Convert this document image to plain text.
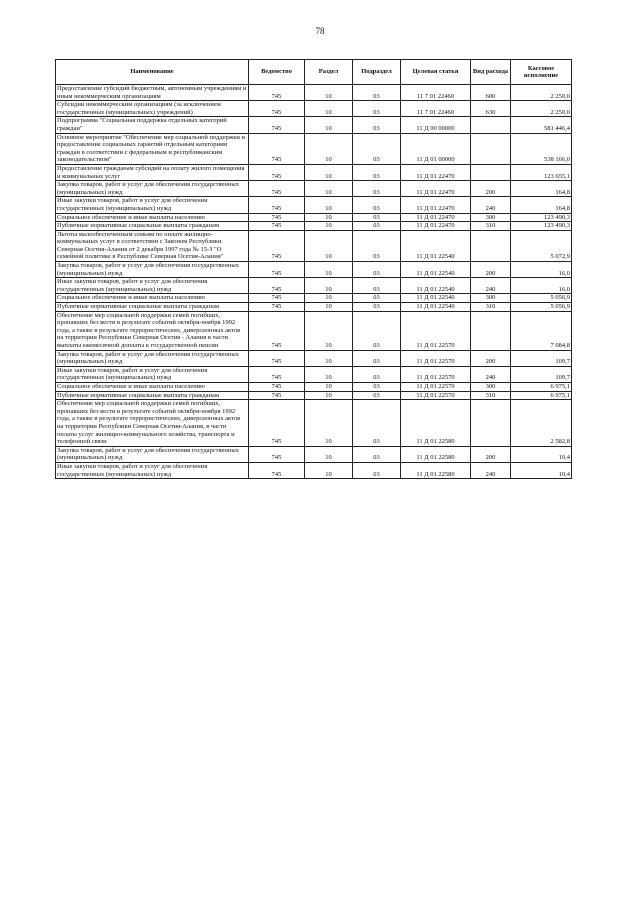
78
Наименование	Ведомство	Раздел	Подраздел	Целевая статья	Вид расхода	Кассовое исполнение
Предоставление субсидий бюджетным, автономным учреждениям и иным некоммерческим организациям	745	10	03	11 7 01 22460	600	2 250,0
Субсидии некоммерческим организациям (за исключением государственных (муниципальных) учреждений)	745	10	03	11 7 01 22460	630	2 250,0
Подпрограмма "Социальная поддержка отдельных категорий граждан"	745	10	03	11 Д 00 00000		581 446,4
Основное мероприятие "Обеспечение мер социальной поддержки и предоставление социальных гарантий отдельным категориям граждан в соответствии с федеральным и республиканским законодательством"	745	10	03	11 Д 01 00000		538 166,0
Предоставление гражданам субсидий на оплату жилого помещения и коммунальных услуг	745	10	03	11 Д 01 22470		123 655,1
Закупка товаров, работ и услуг для обеспечения государственных (муниципальных) нужд	745	10	03	11 Д 01 22470	200	164,8
Иные закупки товаров, работ и услуг для обеспечения государственных (муниципальных) нужд	745	10	03	11 Д 01 22470	240	164,8
Социальное обеспечение и иные выплаты населению	745	10	03	11 Д 01 22470	300	123 490,3
Публичные нормативные социальные выплаты гражданам	745	10	03	11 Д 01 22470	310	123 490,3
Льготы малообеспеченным семьям по оплате жилищно-коммунальных услуг в соответствии с Законом Республики Северная Осетия-Алания от 2 декабря 1997 года № 15-З "О семейной политике в Республике Северная Осетия-Алания"	745	10	03	11 Д 01 22540		5 072,9
Закупка товаров, работ и услуг для обеспечения государственных (муниципальных) нужд	745	10	03	11 Д 01 22540	200	16,0
Иные закупки товаров, работ и услуг для обеспечения государственных (муниципальных) нужд	745	10	03	11 Д 01 22540	240	16,0
Социальное обеспечение и иные выплаты населению	745	10	03	11 Д 01 22540	300	5 056,9
Публичные нормативные социальные выплаты гражданам	745	10	03	11 Д 01 22540	310	5 056,9
Обеспечение мер социальной поддержки семей погибших, пропавших без вести в результате событий октября-ноября 1992 года, а также в результате террористических, диверсионных актов на территории Республики Северная Осетия - Алания в части выплаты ежемесячной доплаты к государственной пенсии	745	10	03	11 Д 01 22570		7 084,8
Закупка товаров, работ и услуг для обеспечения государственных (муниципальных) нужд	745	10	03	11 Д 01 22570	200	109,7
Иные закупки товаров, работ и услуг для обеспечения государственных (муниципальных) нужд	745	10	03	11 Д 01 22570	240	109,7
Социальное обеспечение и иные выплаты населению	745	10	03	11 Д 01 22570	300	6 975,1
Публичные нормативные социальные выплаты гражданам	745	10	03	11 Д 01 22570	310	6 975,1
Обеспечение мер социальной поддержки семей погибших, пропавших без вести в результате событий октября-ноября 1992 года, а также в результате террористических, диверсионных актов на территории Республики Северная Осетия-Алания, в части оплаты услуг жилищно-коммунального хозяйства, транспорта и телефонной связи	745	10	03	11 Д 01 22580		2 582,8
Закупка товаров, работ и услуг для обеспечения государственных (муниципальных) нужд	745	10	03	11 Д 01 22580	200	10,4
Иные закупки товаров, работ и услуг для обеспечения государственных (муниципальных) нужд	745	10	03	11 Д 01 22580	240	10,4
